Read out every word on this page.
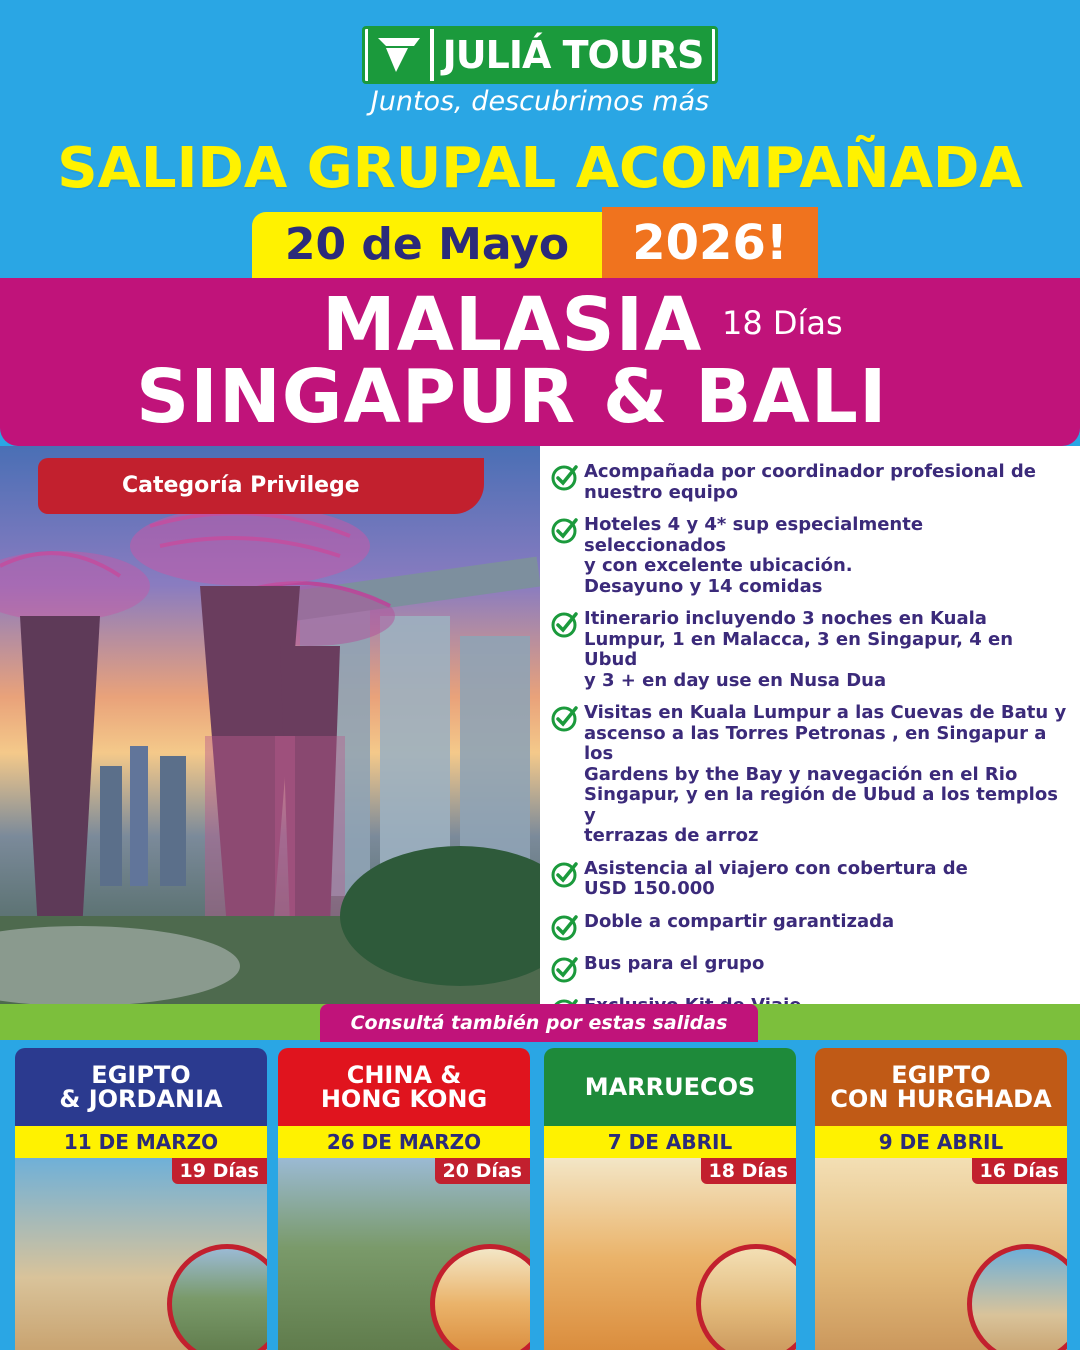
JULIÁ TOURS
Juntos, descubrimos más
SALIDA GRUPAL ACOMPAÑADA
20 de Mayo	2026!
MALASIA 18 Días
SINGAPUR & BALI
Categoría Privilege
Acompañada por coordinador profesional de
nuestro equipo
Hoteles 4 y 4* sup especialmente seleccionados
y con excelente ubicación.
Desayuno y 14 comidas
Itinerario incluyendo 3 noches en Kuala
Lumpur, 1 en Malacca, 3 en Singapur, 4 en Ubud
y 3 + en day use en Nusa Dua
Visitas en Kuala Lumpur a las Cuevas de Batu y
ascenso a las Torres Petronas , en Singapur a los
Gardens by the Bay y navegación en el Rio
Singapur, y en la región de Ubud a los templos y
terrazas de arroz
Asistencia al viajero con cobertura de
USD 150.000
Doble a compartir garantizada
Bus para el grupo
Consultá también por estas salidas
EGIPTO
& JORDANIA
11 DE MARZO
19 Días
CHINA &
HONG KONG
26 DE MARZO
20 Días
MARRUECOS
7 DE ABRIL
18 Días
EGIPTO
CON HURGHADA
9 DE ABRIL
16 Días
